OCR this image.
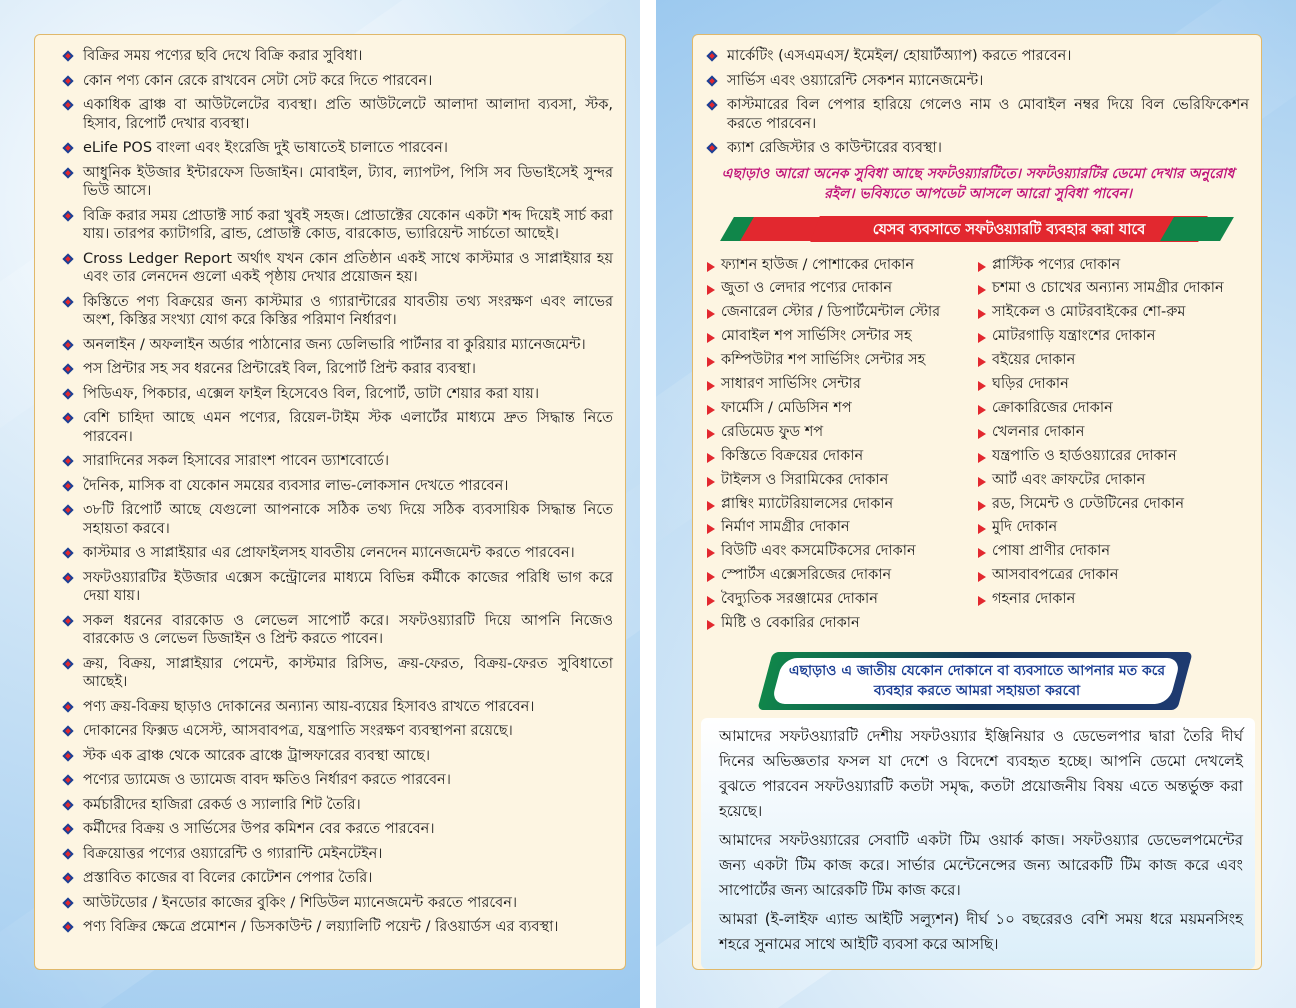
বিক্রির সময় পণ্যের ছবি দেখে বিক্রি করার সুবিধা।
কোন পণ্য কোন রেকে রাখবেন সেটা সেট করে দিতে পারবেন।
একাধিক ব্রাঞ্চ বা আউটলেটের ব্যবস্থা। প্রতি আউটলেটে আলাদা আলাদা ব্যবসা, স্টক, হিসাব, রিপোর্ট দেখার ব্যবস্থা।
eLife POS বাংলা এবং ইংরেজি দুই ভাষাতেই চালাতে পারবেন।
আধুনিক ইউজার ইন্টারফেস ডিজাইন। মোবাইল, ট্যাব, ল্যাপটপ, পিসি সব ডিভাইসেই সুন্দর ভিউ আসে।
বিক্রি করার সময় প্রোডাক্ট সার্চ করা খুবই সহজ। প্রোডাক্টের যেকোন একটা শব্দ দিয়েই সার্চ করা যায়। তারপর ক্যাটাগরি, ব্রান্ড, প্রোডাক্ট কোড, বারকোড, ভ্যারিয়েন্ট সার্চতো আছেই।
Cross Ledger Report অর্থাৎ যখন কোন প্রতিষ্ঠান একই সাথে কাস্টমার ও সাপ্লাইয়ার হয় এবং তার লেনদেন গুলো একই পৃষ্ঠায় দেখার প্রয়োজন হয়।
কিস্তিতে পণ্য বিক্রয়ের জন্য কাস্টমার ও গ্যারান্টারের যাবতীয় তথ্য সংরক্ষণ এবং লাভের অংশ, কিস্তির সংখ্যা যোগ করে কিস্তির পরিমাণ নির্ধারণ।
অনলাইন / অফলাইন অর্ডার পাঠানোর জন্য ডেলিভারি পার্টনার বা কুরিয়ার ম্যানেজমেন্ট।
পস প্রিন্টার সহ সব ধরনের প্রিন্টারেই বিল, রিপোর্ট প্রিন্ট করার ব্যবস্থা।
পিডিএফ, পিকচার, এক্সেল ফাইল হিসেবেও বিল, রিপোর্ট, ডাটা শেয়ার করা যায়।
বেশি চাহিদা আছে এমন পণ্যের, রিয়েল-টাইম স্টক এলার্টের মাধ্যমে দ্রুত সিদ্ধান্ত নিতে পারবেন।
সারাদিনের সকল হিসাবের সারাংশ পাবেন ড্যাশবোর্ডে।
দৈনিক, মাসিক বা যেকোন সময়ের ব্যবসার লাভ-লোকসান দেখতে পারবেন।
৩৮টি রিপোর্ট আছে যেগুলো আপনাকে সঠিক তথ্য দিয়ে সঠিক ব্যবসায়িক সিদ্ধান্ত নিতে সহায়তা করবে।
কাস্টমার ও সাপ্লাইয়ার এর প্রোফাইলসহ যাবতীয় লেনদেন ম্যানেজমেন্ট করতে পারবেন।
সফটওয়্যারটির ইউজার এক্সেস কন্ট্রোলের মাধ্যমে বিভিন্ন কর্মীকে কাজের পরিধি ভাগ করে দেয়া যায়।
সকল ধরনের বারকোড ও লেভেল সাপোর্ট করে। সফটওয়্যারটি দিয়ে আপনি নিজেও বারকোড ও লেভেল ডিজাইন ও প্রিন্ট করতে পাবেন।
ক্রয়, বিক্রয়, সাপ্লাইয়ার পেমেন্ট, কাস্টমার রিসিভ, ক্রয়-ফেরত, বিক্রয়-ফেরত সুবিধাতো আছেই।
পণ্য ক্রয়-বিক্রয় ছাড়াও দোকানের অন্যান্য আয়-ব্যয়ের হিসাবও রাখতে পারবেন।
দোকানের ফিক্সড এসেস্ট, আসবাবপত্র, যন্ত্রপাতি সংরক্ষণ ব্যবস্থাপনা রয়েছে।
স্টক এক ব্রাঞ্চ থেকে আরেক ব্রাঞ্চে ট্রান্সফারের ব্যবস্থা আছে।
পণ্যের ড্যামেজ ও ড্যামেজ বাবদ ক্ষতিও নির্ধারণ করতে পারবেন।
কর্মচারীদের হাজিরা রেকর্ড ও স্যালারি শিট তৈরি।
কর্মীদের বিক্রয় ও সার্ভিসের উপর কমিশন বের করতে পারবেন।
বিক্রয়োত্তর পণ্যের ওয়্যারেন্টি ও গ্যারান্টি মেইনটেইন।
প্রস্তাবিত কাজের বা বিলের কোটেশন পেপার তৈরি।
আউটডোর / ইনডোর কাজের বুকিং / শিডিউল ম্যানেজমেন্ট করতে পারবেন।
পণ্য বিক্রির ক্ষেত্রে প্রমোশন / ডিসকাউন্ট / লয়্যালিটি পয়েন্ট / রিওয়ার্ডস এর ব্যবস্থা।
মার্কেটিং (এসএমএস/ ইমেইল/ হোয়ার্টঅ্যাপ) করতে পারবেন।
সার্ভিস এবং ওয়্যারেন্টি সেকশন ম্যানেজমেন্ট।
কাস্টমারের বিল পেপার হারিয়ে গেলেও নাম ও মোবাইল নম্বর দিয়ে বিল ভেরিফিকেশন করতে পারবেন।
ক্যাশ রেজিস্টার ও কাউন্টারের ব্যবস্থা।
এছাড়াও আরো অনেক সুবিধা আছে সফটওয়্যারটিতে। সফটওয়্যারটির ডেমো দেখার অনুরোধ রইল। ভবিষ্যতে আপডেট আসলে আরো সুবিধা পাবেন।
যেসব ব্যবসাতে সফটওয়্যারটি ব্যবহার করা যাবে
ফ্যাশন হাউজ / পোশাকের দোকান
জুতা ও লেদার পণ্যের দোকান
জেনারেল স্টোর / ডিপার্টমেন্টাল স্টোর
মোবাইল শপ সার্ভিসিং সেন্টার সহ
কম্পিউটার শপ সার্ভিসিং সেন্টার সহ
সাধারণ সার্ভিসিং সেন্টার
ফার্মেসি / মেডিসিন শপ
রেডিমেড ফুড শপ
কিস্তিতে বিক্রয়ের দোকান
টাইলস ও সিরামিকের দোকান
প্লাম্বিং ম্যাটেরিয়ালসের দোকান
নির্মাণ সামগ্রীর দোকান
বিউটি এবং কসমেটিকসের দোকান
স্পোর্টস এক্সেসরিজের দোকান
বৈদ্যুতিক সরঞ্জামের দোকান
মিষ্টি ও বেকারির দোকান
প্লাস্টিক পণ্যের দোকান
চশমা ও চোখের অন্যান্য সামগ্রীর দোকান
সাইকেল ও মোটরবাইকের শো-রুম
মোটরগাড়ি যন্ত্রাংশের দোকান
বইয়ের দোকান
ঘড়ির দোকান
ক্রোকারিজের দোকান
খেলনার দোকান
যন্ত্রপাতি ও হার্ডওয়্যারের দোকান
আর্ট এবং ক্রাফটের দোকান
রড, সিমেন্ট ও ঢেউটিনের দোকান
মুদি দোকান
পোষা প্রাণীর দোকান
আসবাবপত্রের দোকান
গহনার দোকান
এছাড়াও এ জাতীয় যেকোন দোকানে বা ব্যবসাতে আপনার মত করে ব্যবহার করতে আমরা সহায়তা করবো

আমাদের সফটওয়্যারটি দেশীয় সফটওয়্যার ইঞ্জিনিয়ার ও ডেভেলপার দ্বারা তৈরি দীর্ঘ দিনের অভিজ্ঞতার ফসল যা দেশে ও বিদেশে ব্যবহৃত হচ্ছে। আপনি ডেমো দেখলেই বুঝতে পারবেন সফটওয়্যারটি কতটা সমৃদ্ধ, কতটা প্রয়োজনীয় বিষয় এতে অন্তর্ভুক্ত করা হয়েছে।

আমাদের সফটওয়্যারের সেবাটি একটা টিম ওয়ার্ক কাজ। সফটওয়্যার ডেভেলপমেন্টের জন্য একটা টিম কাজ করে। সার্ভার মেন্টেনেন্সের জন্য আরেকটি টিম কাজ করে এবং সাপোর্টের জন্য আরেকটি টিম কাজ করে।

আমরা (ই-লাইফ এ্যান্ড আইটি সল্যুশন) দীর্ঘ ১০ বছরেরও বেশি সময় ধরে ময়মনসিংহ শহরে সুনামের সাথে আইটি ব্যবসা করে আসছি।
